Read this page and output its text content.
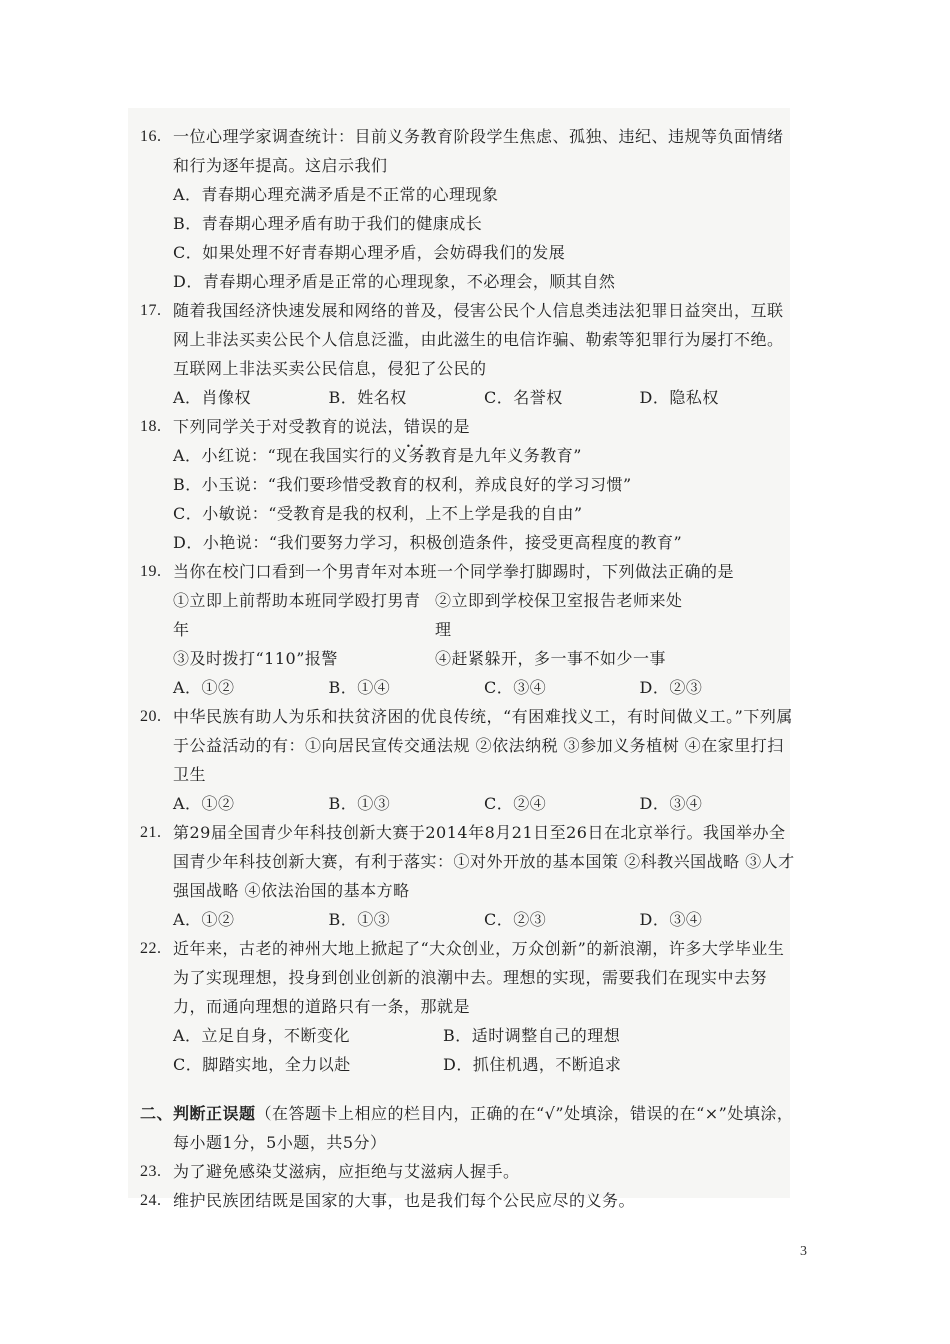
16. 一位心理学家调查统计：目前义务教育阶段学生焦虑、孤独、违纪、违规等负面情绪和行为逐年提高。这启示我们
A．青春期心理充满矛盾是不正常的心理现象
B．青春期心理矛盾有助于我们的健康成长
C．如果处理不好青春期心理矛盾，会妨碍我们的发展
D．青春期心理矛盾是正常的心理现象，不必理会，顺其自然
17. 随着我国经济快速发展和网络的普及，侵害公民个人信息类违法犯罪日益突出，互联网上非法买卖公民个人信息泛滥，由此滋生的电信诈骗、勒索等犯罪行为屡打不绝。互联网上非法买卖公民信息，侵犯了公民的
A．肖像权	B．姓名权	C．名誉权	D．隐私权
18. 下列同学关于对受教育的说法，错误 • •的是
A．小红说：“现在我国实行的义务教育是九年义务教育”
B．小玉说：“我们要珍惜受教育的权利，养成良好的学习习惯”
C．小敏说：“受教育是我的权利，上不上学是我的自由”
D．小艳说：“我们要努力学习，积极创造条件，接受更高程度的教育”
19. 当你在校门口看到一个男青年对本班一个同学拳打脚踢时，下列做法正确的是
①立即上前帮助本班同学殴打男青年
②立即到学校保卫室报告老师来处理
③及时拨打“110”报警	④赶紧躲开，多一事不如少一事
A．①②	B．①④	C．③④	D．②③
20. 中华民族有助人为乐和扶贫济困的优良传统，“有困难找义工，有时间做义工。”下列属于公益活动的有：①向居民宣传交通法规 ②依法纳税 ③参加义务植树 ④在家里打扫卫生
A．①②	B．①③	C．②④	D．③④
21. 第29届全国青少年科技创新大赛于2014年8月21日至26日在北京举行。我国举办全国青少年科技创新大赛，有利于落实：①对外开放的基本国策 ②科教兴国战略 ③人才强国战略 ④依法治国的基本方略
A．①②	B．①③	C．②③	D．③④
22. 近年来，古老的神州大地上掀起了“大众创业，万众创新”的新浪潮，许多大学毕业生为了实现理想，投身到创业创新的浪潮中去。理想的实现，需要我们在现实中去努力，而通向理想的道路只有一条，那就是
A．立足自身，不断变化	B．适时调整自己的理想
C．脚踏实地，全力以赴	D．抓住机遇，不断追求
二、 判断正误题（在答题卡上相应的栏目内，正确的在“√”处填涂，错误的在“×”处填涂，每小题1分，5小题，共5分）
23. 为了避免感染艾滋病，应拒绝与艾滋病人握手。
24. 维护民族团结既是国家的大事，也是我们每个公民应尽的义务。
3
